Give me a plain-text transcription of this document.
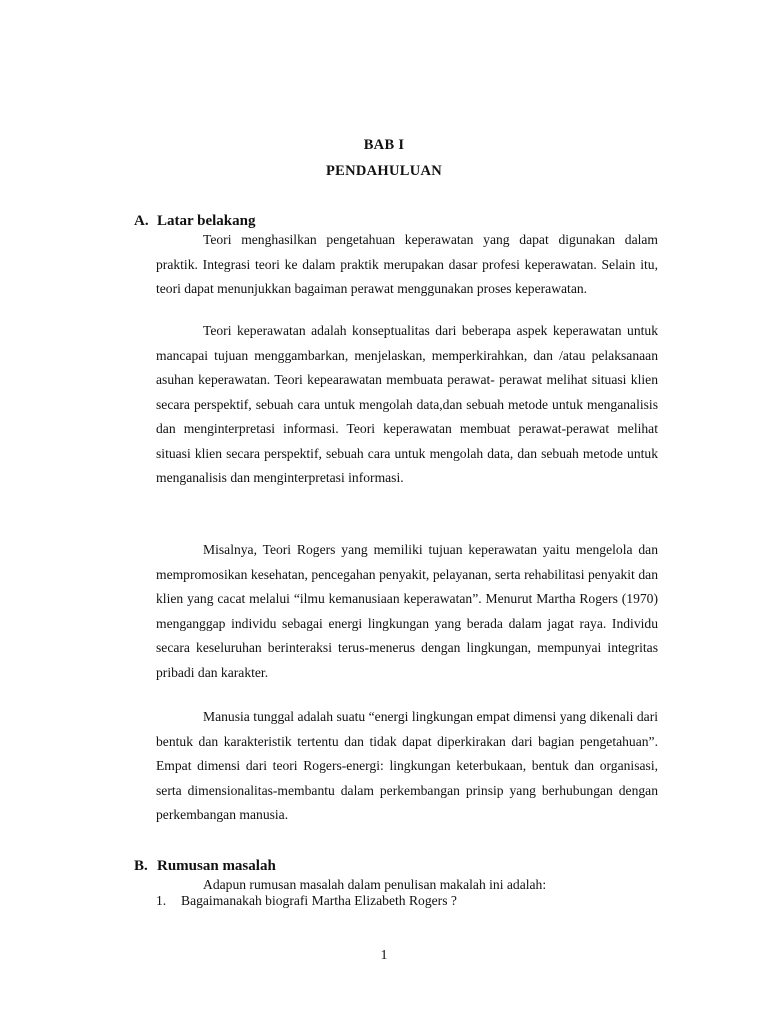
BAB I
PENDAHULUAN
A. Latar belakang

Teori menghasilkan pengetahuan keperawatan yang dapat digunakan dalam praktik. Integrasi teori ke dalam praktik merupakan dasar profesi keperawatan. Selain itu, teori dapat menunjukkan bagaiman perawat menggunakan proses keperawatan.

Teori keperawatan adalah konseptualitas dari beberapa aspek keperawatan untuk mancapai tujuan menggambarkan, menjelaskan, memperkirahkan, dan /atau pelaksanaan asuhan keperawatan. Teori kepearawatan membuata perawat- perawat melihat situasi klien secara perspektif, sebuah cara untuk mengolah data,dan sebuah metode untuk menganalisis dan menginterpretasi informasi. Teori keperawatan membuat perawat-perawat melihat situasi klien secara perspektif, sebuah cara untuk mengolah data, dan sebuah metode untuk menganalisis dan menginterpretasi informasi.

Misalnya, Teori Rogers yang memiliki tujuan keperawatan yaitu mengelola dan mempromosikan kesehatan, pencegahan penyakit, pelayanan, serta rehabilitasi penyakit dan klien yang cacat melalui “ilmu kemanusiaan keperawatan”. Menurut Martha Rogers (1970) menganggap individu sebagai energi lingkungan yang berada dalam jagat raya. Individu secara keseluruhan berinteraksi terus-menerus dengan lingkungan, mempunyai integritas pribadi dan karakter.

Manusia tunggal adalah suatu “energi lingkungan empat dimensi yang dikenali dari bentuk dan karakteristik tertentu dan tidak dapat diperkirakan dari bagian pengetahuan”. Empat dimensi dari teori Rogers-energi: lingkungan keterbukaan, bentuk dan organisasi, serta dimensionalitas-membantu dalam perkembangan prinsip yang berhubungan dengan perkembangan manusia.

B. Rumusan masalah
Adapun rumusan masalah dalam penulisan makalah ini adalah:
1. Bagaimanakah biografi Martha Elizabeth Rogers ?
1
